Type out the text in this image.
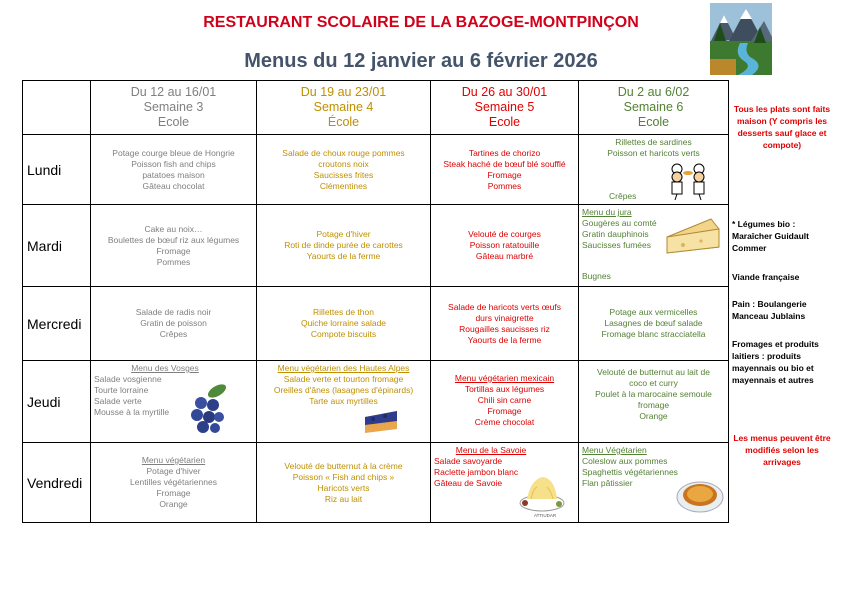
RESTAURANT SCOLAIRE DE LA BAZOGE-MONTPINÇON
Menus du 12 janvier au 6 février 2026

	Du 12 au 16/01
Semaine 3
Ecole	Du 19 au 23/01
Semaine 4
École	Du 26 au 30/01
Semaine 5
Ecole	Du 2 au 6/02
Semaine 6
Ecole

Lundi	Potage courge bleue de Hongrie
Poisson fish and chips
patatoes maison
Gâteau chocolat	Salade de choux rouge pommes
croutons noix
Saucisses frites
Clémentines	Tartines de chorizo
Steak haché de bœuf blé soufflé
Fromage
Pommes	Rillettes de sardines
Poisson et haricots verts
Crêpes

Mardi	Cake au noix…
Boulettes de bœuf riz aux légumes
Fromage
Pommes	Potage d'hiver
Roti de dinde purée de carottes
Yaourts de la ferme	Velouté de courges
Poisson ratatouille
Gâteau marbré	Menu du jura
Gougères au comté
Gratin dauphinois
Saucisses fumées
Bugnes

Mercredi	Salade de radis noir
Gratin de poisson
Crêpes	Rillettes de thon
Quiche lorraine salade
Compote biscuits	Salade de haricots verts œufs
durs vinaigrette
Rougailles saucisses riz
Yaourts de la ferme	Potage aux vermicelles
Lasagnes de bœuf salade
Fromage blanc stracciatella

Jeudi	Menu des Vosges
Salade vosgienne
Tourte lorraine
Salade verte
Mousse à la myrtille	Menu végétarien des Hautes Alpes
Salade verte et tourton fromage
Oreilles d'ânes (lasagnes d'épinards)
Tarte aux myrtilles	Menu végétarien mexicain
Tortillas aux légumes
Chili sin carne
Fromage
Crème chocolat	Velouté de butternut au lait de
coco et curry
Poulet à la marocaine semoule
fromage
Orange

Vendredi	Menu végétarien
Potage d'hiver
Lentilles végétariennes
Fromage
Orange	Velouté de butternut à la crème
Poisson « Fish and chips »
Haricots verts
Riz au lait	Menu de la Savoie
Salade savoyarde
Raclette jambon blanc
Gâteau de Savoie
ATTIUDAR	Menu Végétarien
Coleslow aux pommes
Spaghettis végétariennes
Flan pâtissier
Tous les plats sont faits maison (Y compris les desserts sauf glace et compote)
* Légumes bio : Maraîcher Guidault Commer
Viande française
Pain : Boulangerie Manceau Jublains
Fromages et produits laitiers : produits mayennais ou bio et mayennais et autres
Les menus peuvent être modifiés selon les arrivages
